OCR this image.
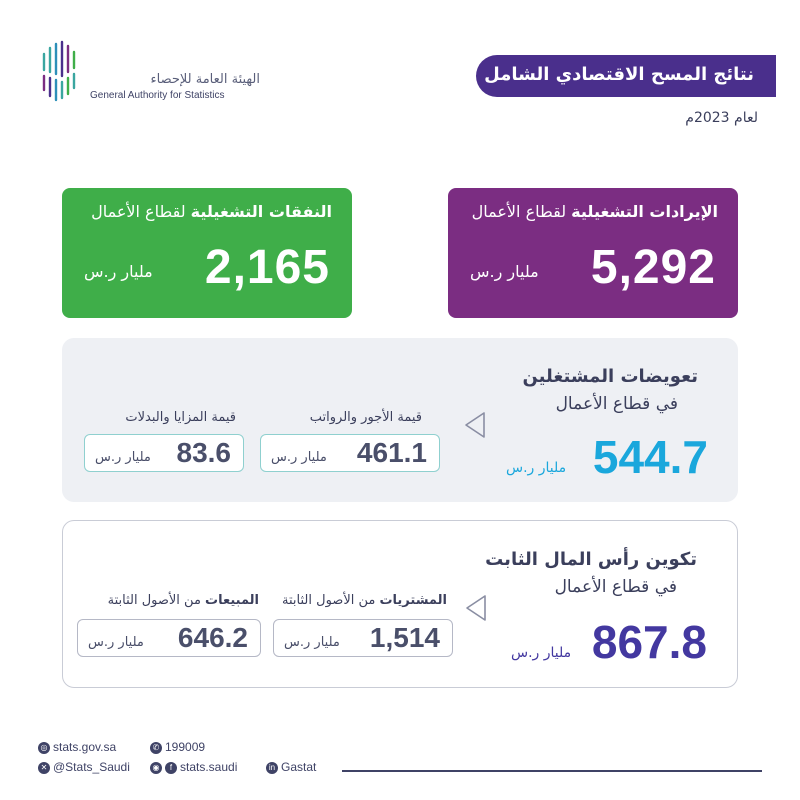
الهيئة العامة للإحصاء
General Authority for Statistics
نتائج المسح الاقتصادي الشامل
لعام 2023م
الإيرادات التشغيلية لقطاع الأعمال
5,292
مليار ر.س
النفقات التشغيلية لقطاع الأعمال
2,165
مليار ر.س
تعويضات المشتغلين
في قطاع الأعمال
544.7
مليار ر.س
قيمة الأجور والرواتب
461.1
مليار ر.س
قيمة المزايا والبدلات
83.6
مليار ر.س
تكوين رأس المال الثابت
في قطاع الأعمال
867.8
مليار ر.س
المشتريات من الأصول الثابتة
1,514
مليار ر.س
المبيعات من الأصول الثابتة
646.2
مليار ر.س
◎ stats.gov.sa	✆ 199009
✕ @Stats_Saudi	◉ f stats.saudi	in Gastat
